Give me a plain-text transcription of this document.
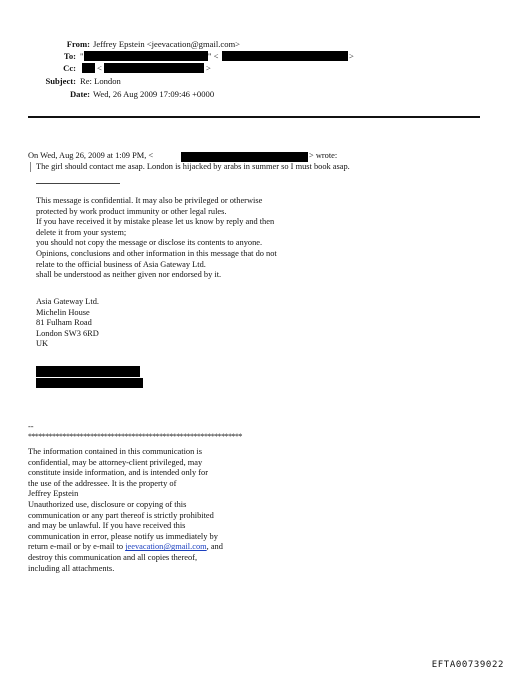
From: Jeffrey Epstein <jeevacation@gmail.com>
To: "	" <	>
Cc: <	>
Subject: Re: London
Date: Wed, 26 Aug 2009 17:09:46 +0000
On Wed, Aug 26, 2009 at 1:09 PM, <	> wrote:
The girl should contact me asap. London is hijacked by arabs in summer so I must book asap.
This message is confidential. It may also be privileged or otherwise
protected by work product immunity or other legal rules.
If you have received it by mistake please let us know by reply and then
delete it from your system;
you should not copy the message or disclose its contents to anyone.
Opinions, conclusions and other information in this message that do not
relate to the official business of Asia Gateway Ltd.
shall be understood as neither given nor endorsed by it.
Asia Gateway Ltd.
Michelin House
81 Fulham Road
London SW3 6RD
UK
--
**************************************************************
The information contained in this communication is
confidential, may be attorney-client privileged, may
constitute inside information, and is intended only for
the use of the addressee. It is the property of
Jeffrey Epstein
Unauthorized use, disclosure or copying of this
communication or any part thereof is strictly prohibited
and may be unlawful. If you have received this
communication in error, please notify us immediately by
return e-mail or by e-mail to jeevacation@gmail.com, and
destroy this communication and all copies thereof,
including all attachments.
EFTA00739022
